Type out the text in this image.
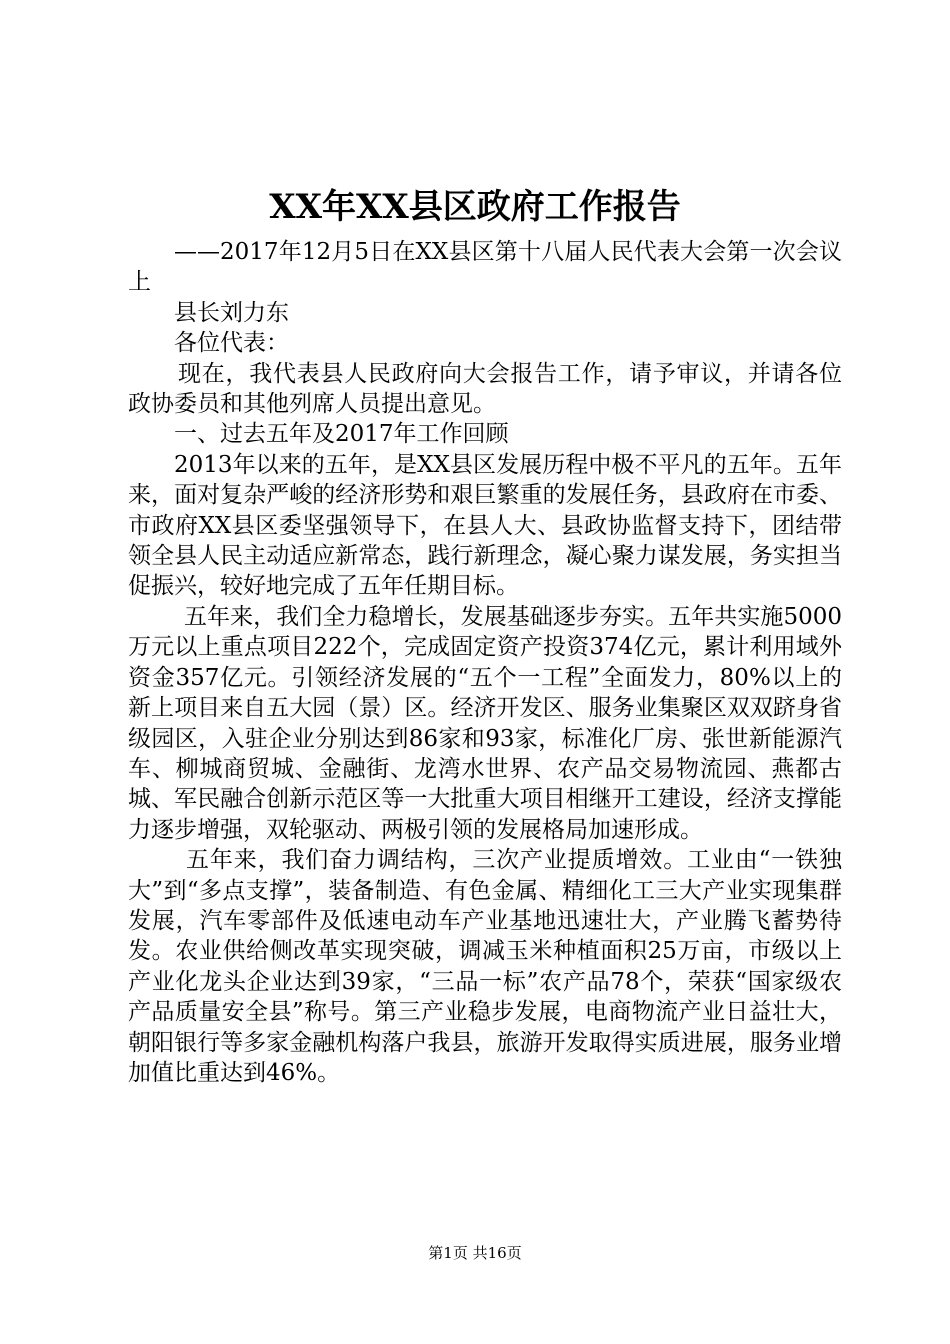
XX年XX县区政府工作报告

——2017年12月5日在XX县区第十八届人民代表大会第一次会议上

县长刘力东

各位代表：

现在，我代表县人民政府向大会报告工作，请予审议，并请各位政协委员和其他列席人员提出意见。

一、过去五年及2017年工作回顾

2013年以来的五年，是XX县区发展历程中极不平凡的五年。五年来，面对复杂严峻的经济形势和艰巨繁重的发展任务，县政府在市委、市政府XX县区委坚强领导下，在县人大、县政协监督支持下，团结带领全县人民主动适应新常态，践行新理念，凝心聚力谋发展，务实担当促振兴，较好地完成了五年任期目标。

五年来，我们全力稳增长，发展基础逐步夯实。五年共实施5000万元以上重点项目222个，完成固定资产投资374亿元，累计利用域外资金357亿元。引领经济发展的“五个一工程”全面发力，80%以上的新上项目来自五大园（景）区。经济开发区、服务业集聚区双双跻身省级园区，入驻企业分别达到86家和93家，标准化厂房、张世新能源汽车、柳城商贸城、金融街、龙湾水世界、农产品交易物流园、燕都古城、军民融合创新示范区等一大批重大项目相继开工建设，经济支撑能力逐步增强，双轮驱动、两极引领的发展格局加速形成。

五年来，我们奋力调结构，三次产业提质增效。工业由“一铁独大”到“多点支撑”，装备制造、有色金属、精细化工三大产业实现集群发展，汽车零部件及低速电动车产业基地迅速壮大，产业腾飞蓄势待发。农业供给侧改革实现突破，调减玉米种植面积25万亩，市级以上产业化龙头企业达到39家，“三品一标”农产品78个，荣获“国家级农产品质量安全县”称号。第三产业稳步发展，电商物流产业日益壮大，朝阳银行等多家金融机构落户我县，旅游开发取得实质进展，服务业增加值比重达到46%。

第1页 共16页
